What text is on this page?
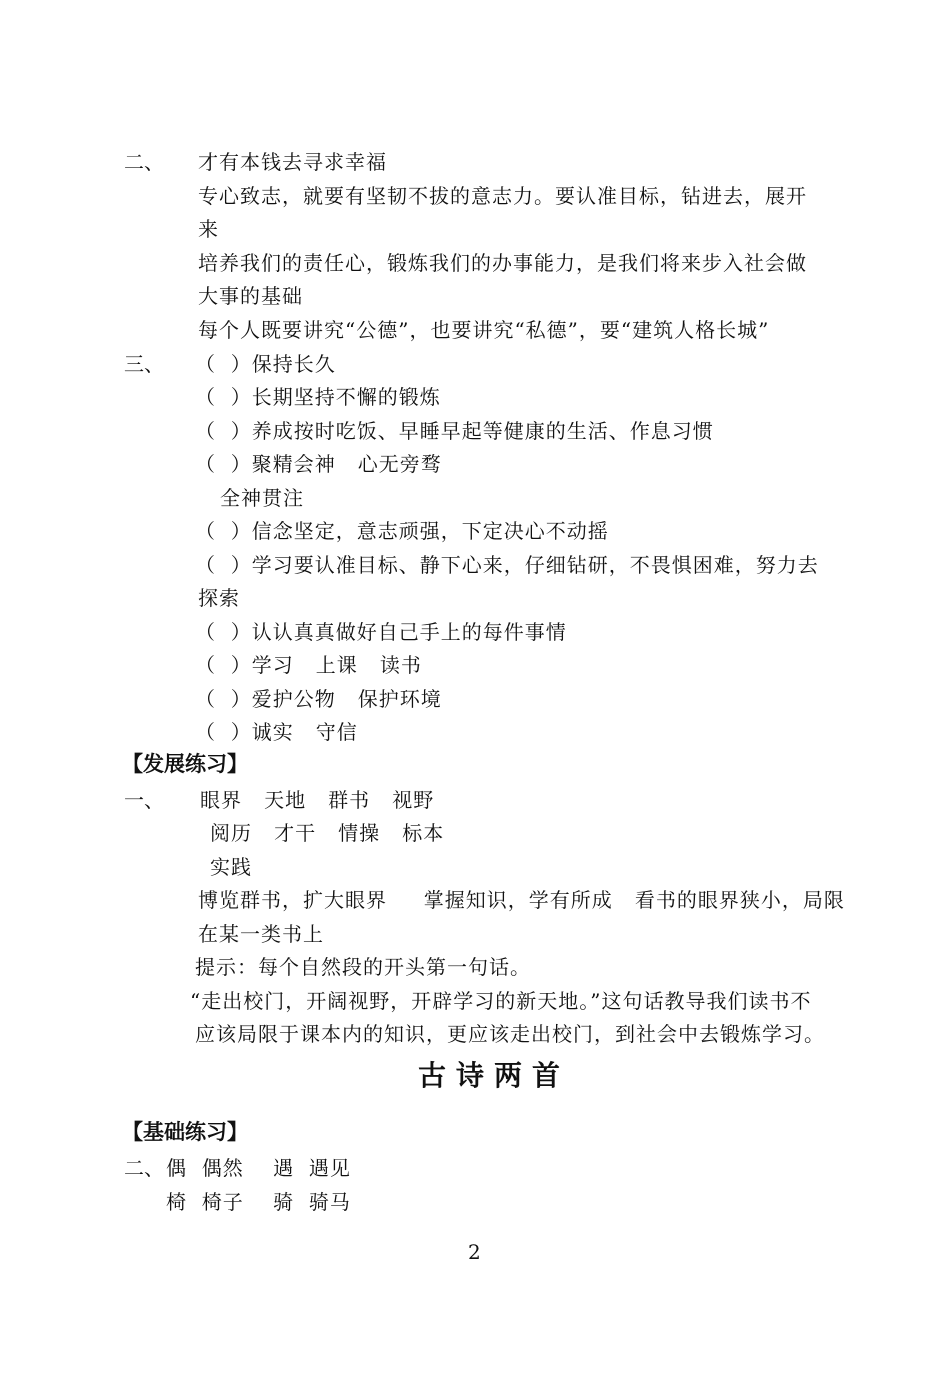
二、 才有本钱去寻求幸福
专心致志，就要有坚韧不拔的意志力。要认准目标，钻进去，展开
来
培养我们的责任心，锻炼我们的办事能力，是我们将来步入社会做
大事的基础
每个人既要讲究“公德”，也要讲究“私德”，要“建筑人格长城”
三、 （  ）保持长久
（  ）长期坚持不懈的锻炼
（  ）养成按时吃饭、早睡早起等健康的生活、作息习惯
（  ）聚精会神   心无旁骛
全神贯注
（  ）信念坚定，意志顽强，下定决心不动摇
（  ）学习要认准目标、静下心来，仔细钻研，不畏惧困难，努力去
探索
（  ）认认真真做好自己手上的每件事情
（  ）学习   上课   读书
（  ）爱护公物   保护环境
（  ）诚实   守信
【发展练习】
一、 眼界   天地   群书   视野
阅历   才干   情操   标本
实践
博览群书，扩大眼界     掌握知识，学有所成   看书的眼界狭小，局限
在某一类书上
提示：每个自然段的开头第一句话。
“走出校门，开阔视野，开辟学习的新天地。”这句话教导我们读书不
应该局限于课本内的知识，更应该走出校门，到社会中去锻炼学习。
古诗两首
【基础练习】
二、 偶  偶然    遇  遇见
椅  椅子    骑  骑马
2
